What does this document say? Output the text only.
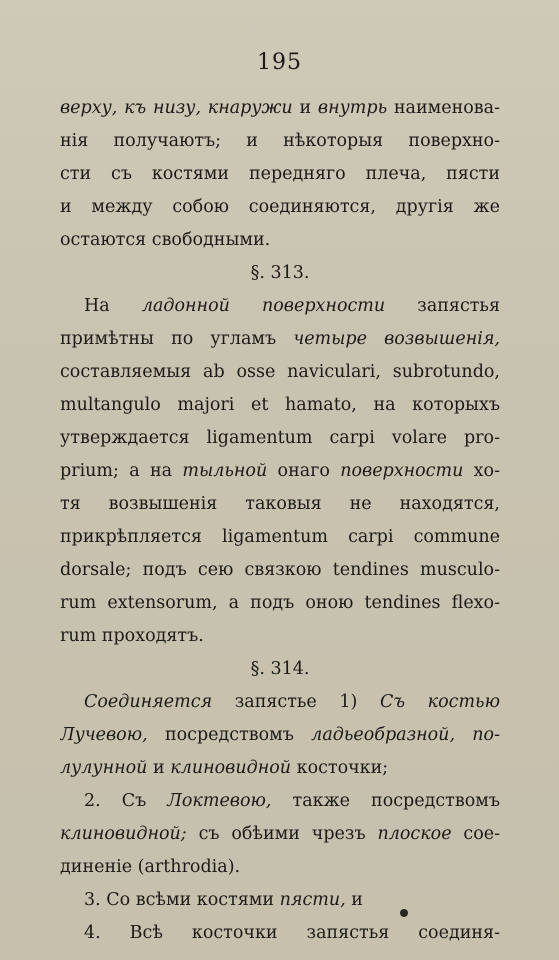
195
верху, къ низу, кнаружи и внутрь наименова-
нія получаютъ; и нѣкоторыя поверхно-
сти съ костями передняго плеча, пясти
и между собою соединяются, другія же
остаются свободными.
§. 313.
На ладонной поверхности запястья
примѣтны по угламъ четыре возвышенія,
составляемыя ab osse naviculari, subrotundo,
multangulo majori et hamato, на которыхъ
утверждается ligamentum carpi volare pro-
prium; а на тыльной онаго поверхности хо-
тя возвышенія таковыя не находятся,
прикрѣпляется ligamentum carpi commune
dorsale; подъ сею связкою tendines musculo-
rum extensorum, а подъ оною tendines flexo-
rum проходятъ.
§. 314.
Соединяется запястье 1) Съ костью
Лучевою, посредствомъ ладьеобразной, по-
лулунной и клиновидной косточки;
2. Съ Локтевою, также посредствомъ
клиновидной; съ обѣими чрезъ плоское сое-
диненіе (arthrodia).
3. Со всѣми костями пясти, и
4. Всѣ косточки запястья соединя-
